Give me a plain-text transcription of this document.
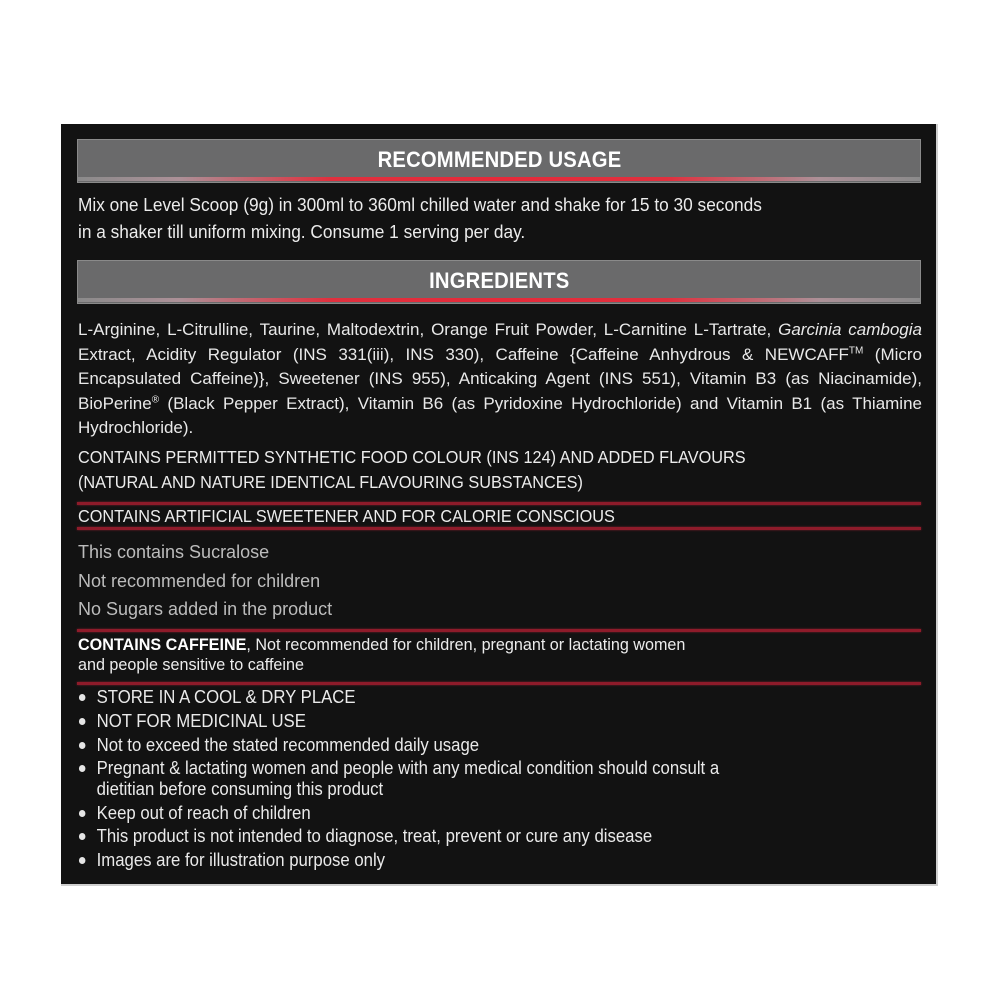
RECOMMENDED USAGE
Mix one Level Scoop (9g) in 300ml to 360ml chilled water and shake for 15 to 30 seconds
in a shaker till uniform mixing. Consume 1 serving per day.
INGREDIENTS
L-Arginine, L-Citrulline, Taurine, Maltodextrin, Orange Fruit Powder, L-Carnitine L-Tartrate, Garcinia cambogia Extract, Acidity Regulator (INS 331(iii), INS 330), Caffeine {Caffeine Anhydrous & NEWCAFF™ (Micro Encapsulated Caffeine)}, Sweetener (INS 955), Anticaking Agent (INS 551), Vitamin B3 (as Niacinamide), BioPerine® (Black Pepper Extract), Vitamin B6 (as Pyridoxine Hydrochloride) and Vitamin B1 (as Thiamine Hydrochloride).
CONTAINS PERMITTED SYNTHETIC FOOD COLOUR (INS 124) AND ADDED FLAVOURS
(NATURAL AND NATURE IDENTICAL FLAVOURING SUBSTANCES)
CONTAINS ARTIFICIAL SWEETENER AND FOR CALORIE CONSCIOUS
This contains Sucralose
Not recommended for children
No Sugars added in the product
CONTAINS CAFFEINE, Not recommended for children, pregnant or lactating women
and people sensitive to caffeine
STORE IN A COOL & DRY PLACE
NOT FOR MEDICINAL USE
Not to exceed the stated recommended daily usage
Pregnant & lactating women and people with any medical condition should consult a
dietitian before consuming this product
Keep out of reach of children
This product is not intended to diagnose, treat, prevent or cure any disease
Images are for illustration purpose only
